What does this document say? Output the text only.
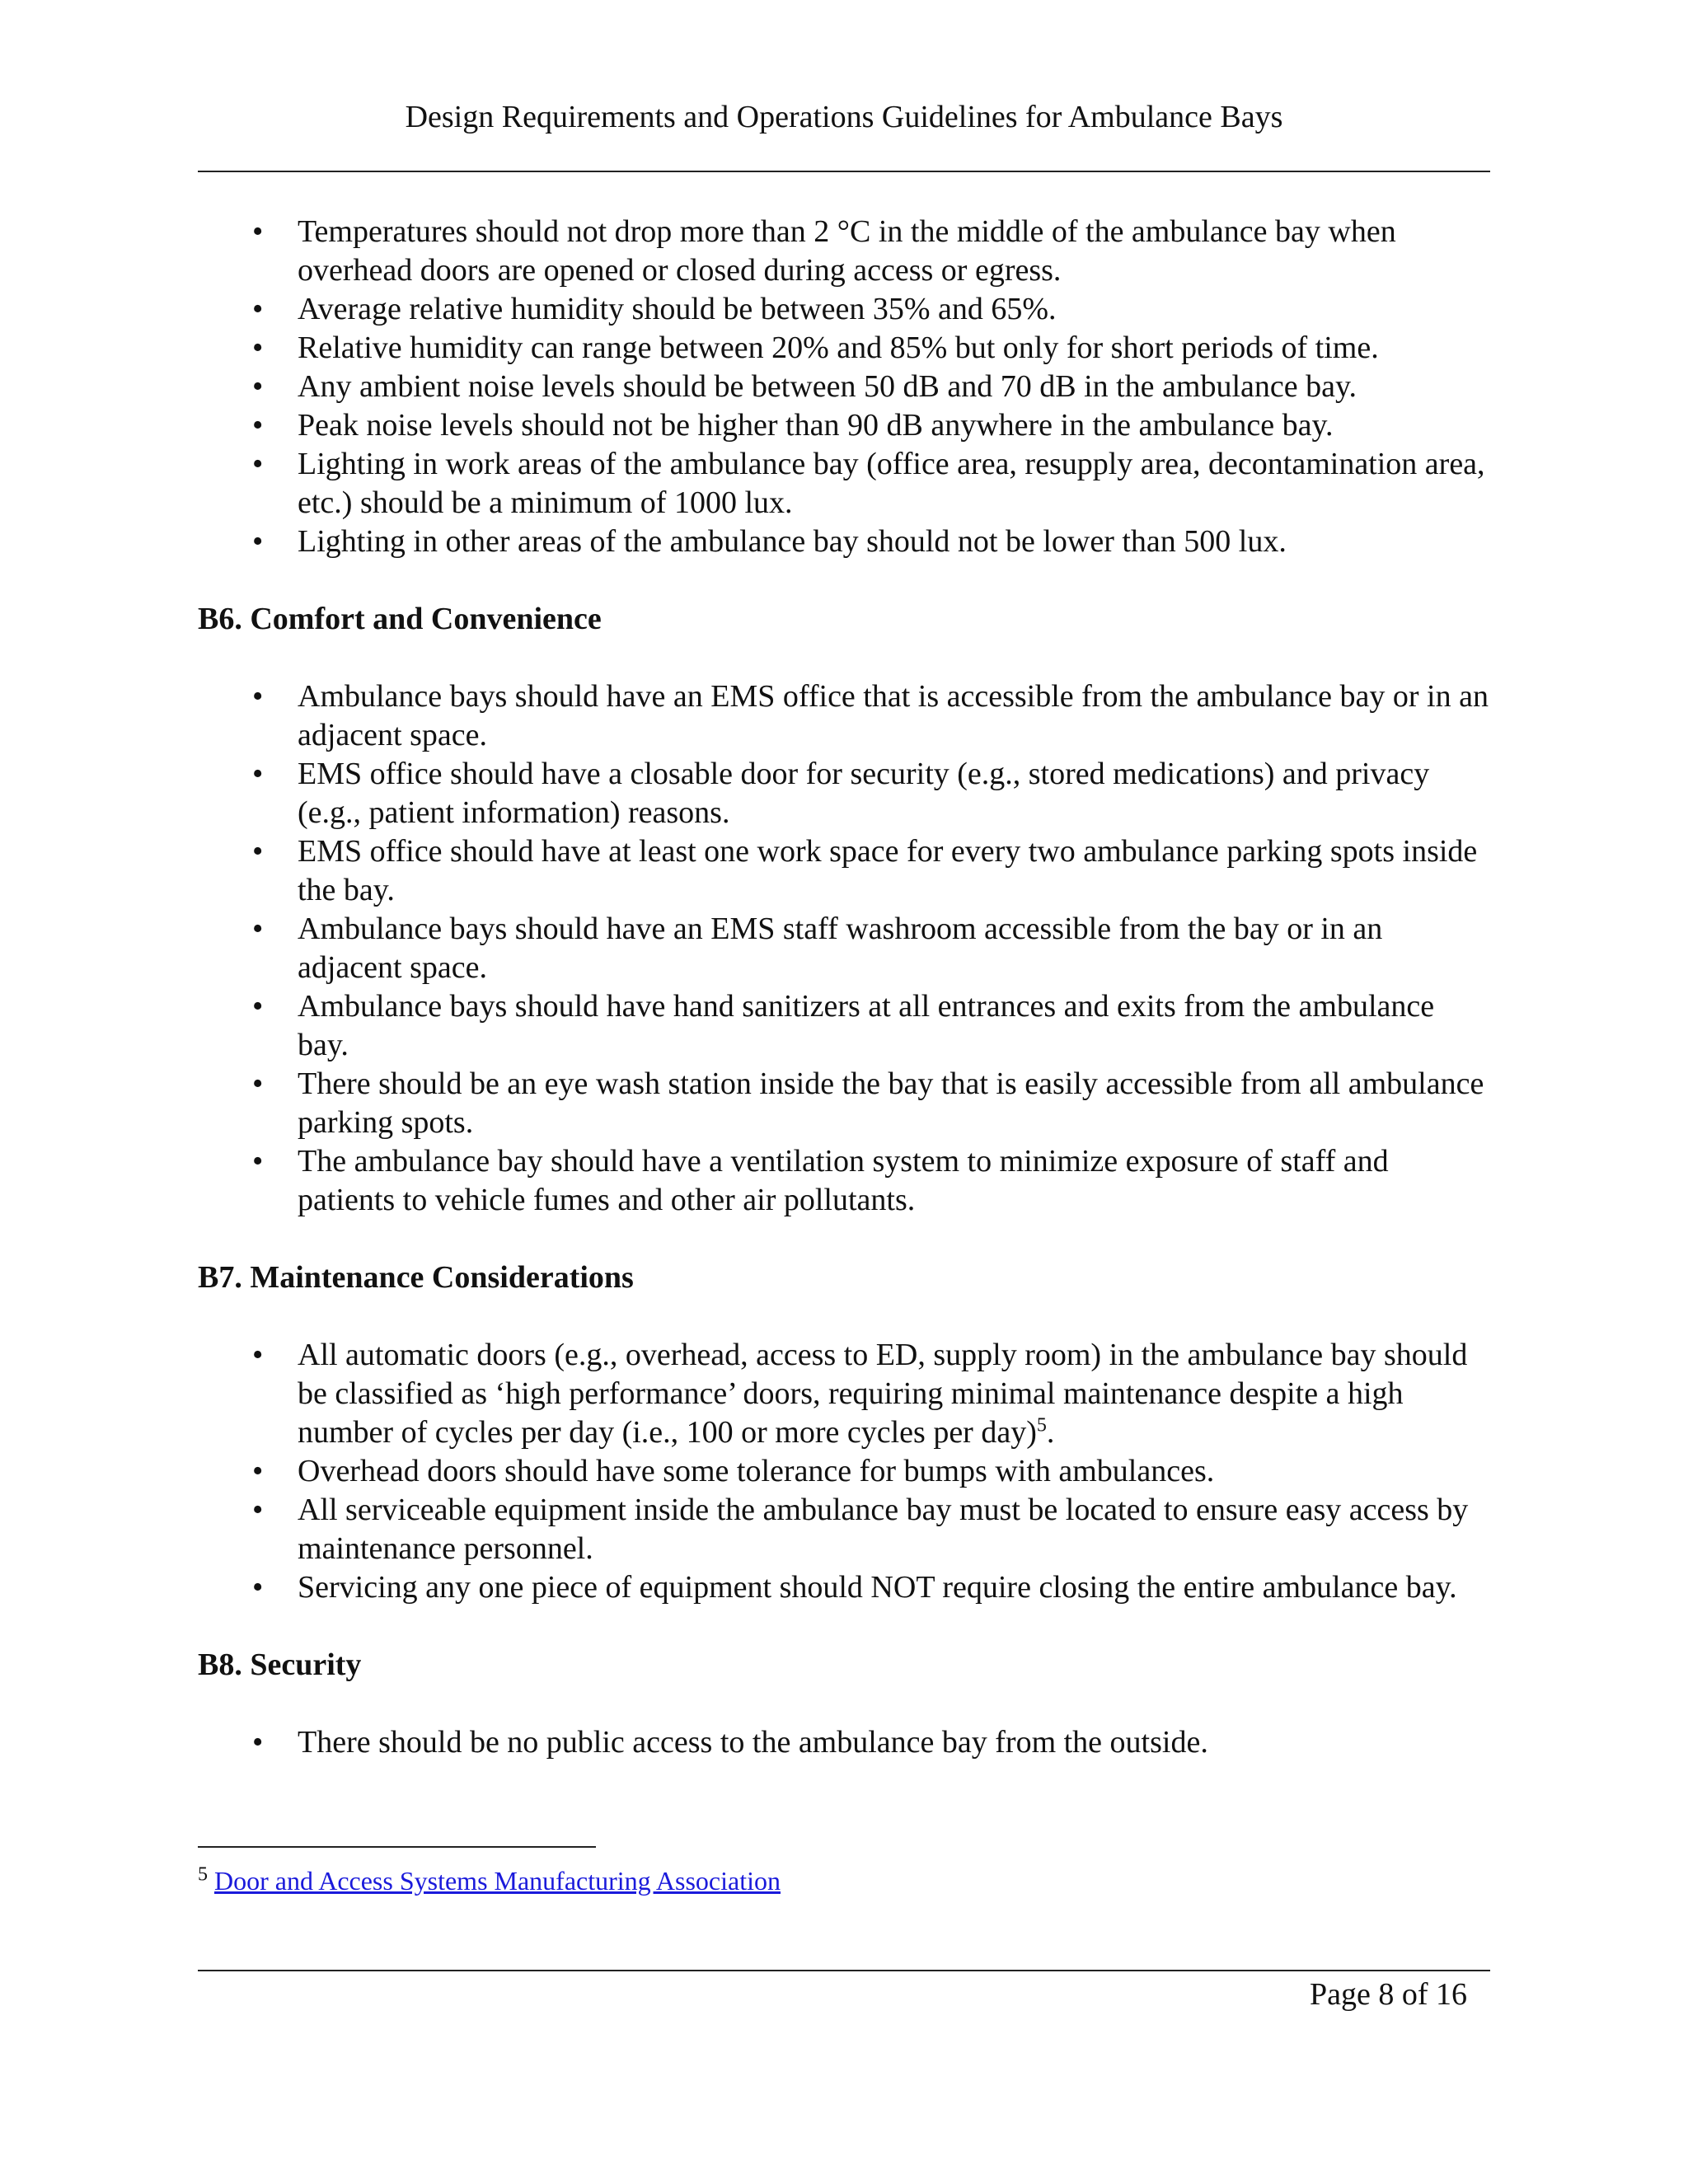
Design Requirements and Operations Guidelines for Ambulance Bays
• Temperatures should not drop more than 2 °C in the middle of the ambulance bay when overhead doors are opened or closed during access or egress.
• Average relative humidity should be between 35% and 65%.
• Relative humidity can range between 20% and 85% but only for short periods of time.
• Any ambient noise levels should be between 50 dB and 70 dB in the ambulance bay.
• Peak noise levels should not be higher than 90 dB anywhere in the ambulance bay.
• Lighting in work areas of the ambulance bay (office area, resupply area, decontamination area, etc.) should be a minimum of 1000 lux.
• Lighting in other areas of the ambulance bay should not be lower than 500 lux.
B6. Comfort and Convenience
• Ambulance bays should have an EMS office that is accessible from the ambulance bay or in an adjacent space.
• EMS office should have a closable door for security (e.g., stored medications) and privacy (e.g., patient information) reasons.
• EMS office should have at least one work space for every two ambulance parking spots inside the bay.
• Ambulance bays should have an EMS staff washroom accessible from the bay or in an adjacent space.
• Ambulance bays should have hand sanitizers at all entrances and exits from the ambulance bay.
• There should be an eye wash station inside the bay that is easily accessible from all ambulance parking spots.
• The ambulance bay should have a ventilation system to minimize exposure of staff and patients to vehicle fumes and other air pollutants.
B7. Maintenance Considerations
• All automatic doors (e.g., overhead, access to ED, supply room) in the ambulance bay should be classified as ‘high performance’ doors, requiring minimal maintenance despite a high number of cycles per day (i.e., 100 or more cycles per day)$^5$.
• Overhead doors should have some tolerance for bumps with ambulances.
• All serviceable equipment inside the ambulance bay must be located to ensure easy access by maintenance personnel.
• Servicing any one piece of equipment should NOT require closing the entire ambulance bay.
B8. Security
• There should be no public access to the ambulance bay from the outside.
$^5$ Door and Access Systems Manufacturing Association
Page 8 of 16
